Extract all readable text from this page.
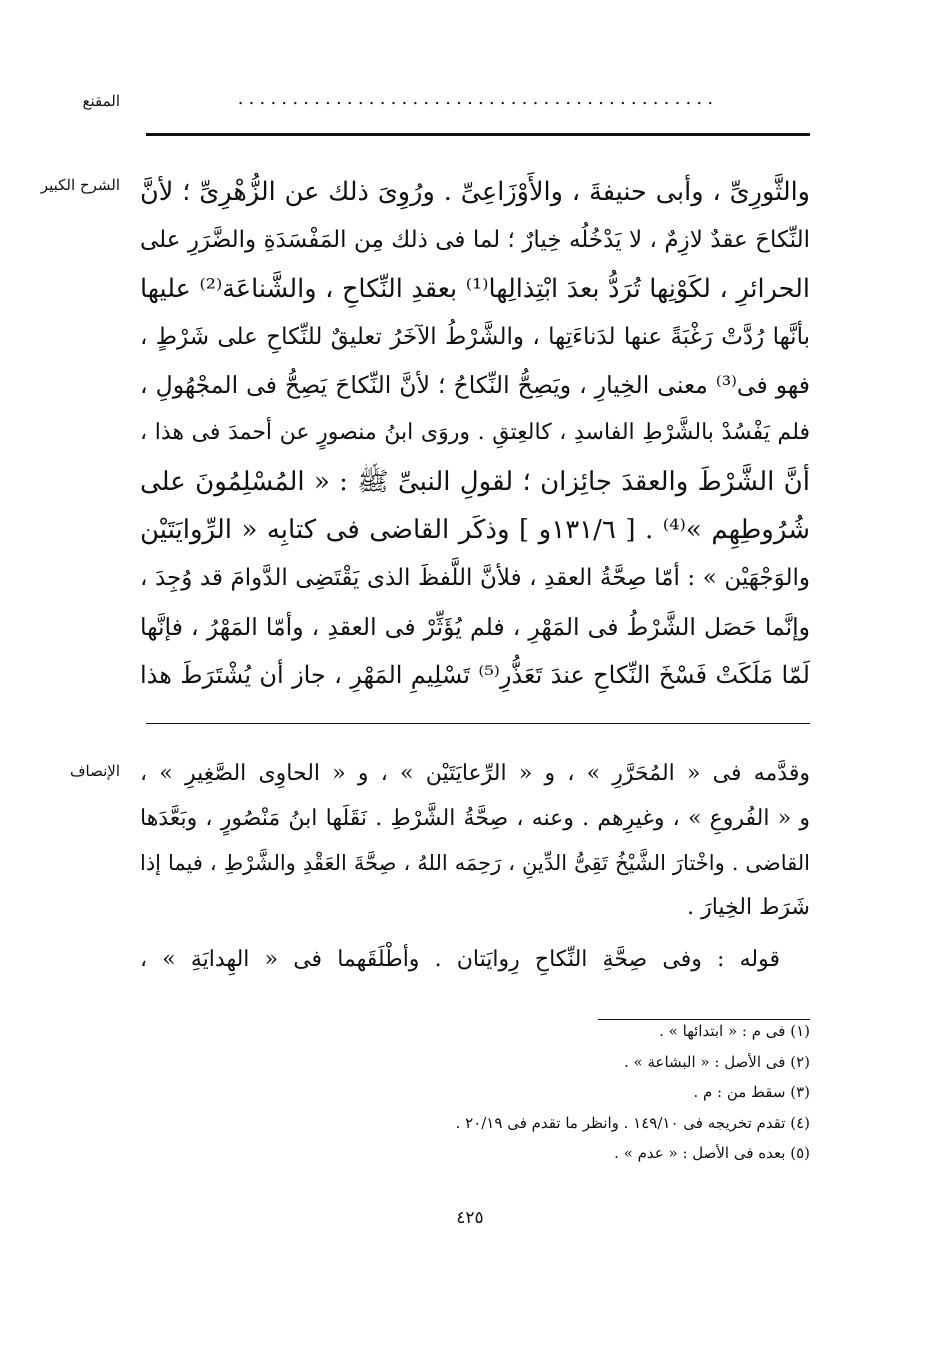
المقنع	............................................
الشرح الكبير والثَّورِىِّ ، وأبى حنيفةَ ، والأَوْزَاعِىِّ . ورُوِىَ ذلك عن الزُّهْرِىِّ ؛ لأنَّ
النِّكاحَ عقدٌ لازِمٌ ، لا يَدْخُلُه خِيارٌ ؛ لما فى ذلك مِن المَفْسَدَةِ والضَّرَرِ على
الحرائرِ ، لكَوْنِها تُرَدُّ بعدَ ابْتِذالِها⁽¹⁾ بعقدِ النِّكاحِ ، والشَّناعَة⁽²⁾ عليها
بأنَّها رُدَّتْ رَغْبَةً عنها لدَناءَتِها ، والشَّرْطُ الآخَرُ تعليقٌ للنِّكاحِ على شَرْطٍ ،
فهو فى⁽³⁾ معنى الخِيارِ ، ويَصِحُّ النِّكاحُ ؛ لأنَّ النِّكاحَ يَصِحُّ فى المجْهُولِ ،
فلم يَفْسُدْ بالشَّرْطِ الفاسدِ ، كالعِتقِ . وروَى ابنُ منصورٍ عن أحمدَ فى هذا ،
أنَّ الشَّرْطَ والعقدَ جائِزان ؛ لقولِ النبىِّ ﷺ : « المُسْلِمُونَ على
شُرُوطِهِم »⁽⁴⁾ . [ ١٣١/٦و ] وذكَر القاضى فى كتابِه « الرِّوايَتَيْن
والوَجْهَيْن » : أمّا صِحَّةُ العقدِ ، فلأنَّ اللَّفظَ الذى يَقْتَضِى الدَّوامَ قد وُجِدَ ،
وإنَّما حَصَل الشَّرْطُ فى المَهْرِ ، فلم يُؤَثِّرْ فى العقدِ ، وأمّا المَهْرُ ، فإنَّها
لَمّا مَلَكَتْ فَسْخَ النِّكاحِ عندَ تَعَذُّرِ⁽⁵⁾ تَسْلِيمِ المَهْرِ ، جاز أن يُشْتَرَطَ هذا
الإنصاف وقدَّمه فى « المُحَرَّرِ » ، و « الرِّعايَتَيْن » ، و « الحاوِى الصَّغِيرِ » ،
و « الفُروعِ » ، وغيرِهم . وعنه ، صِحَّةُ الشَّرْطِ . نَقَلَها ابنُ مَنْصُورٍ ، وبَعَّدَها
القاضى . واخْتارَ الشَّيْخُ تَقِىُّ الدِّينِ ، رَحِمَه اللهُ ، صِحَّةَ العَقْدِ والشَّرْطِ ، فيما إذا
شَرَط الخِيارَ .
قوله : وفى صِحَّةِ النِّكاحِ رِوايَتان . وأطْلَقَهما فى « الهِدايَةِ » ،
(١) فى م : « ابتدائها » .
(٢) فى الأصل : « البشاعة » .
(٣) سقط من : م .
(٤) تقدم تخريجه فى ١٤٩/١٠ . وانظر ما تقدم فى ٢٠/١٩ .
(٥) بعده فى الأصل : « عدم » .
٤٢٥
